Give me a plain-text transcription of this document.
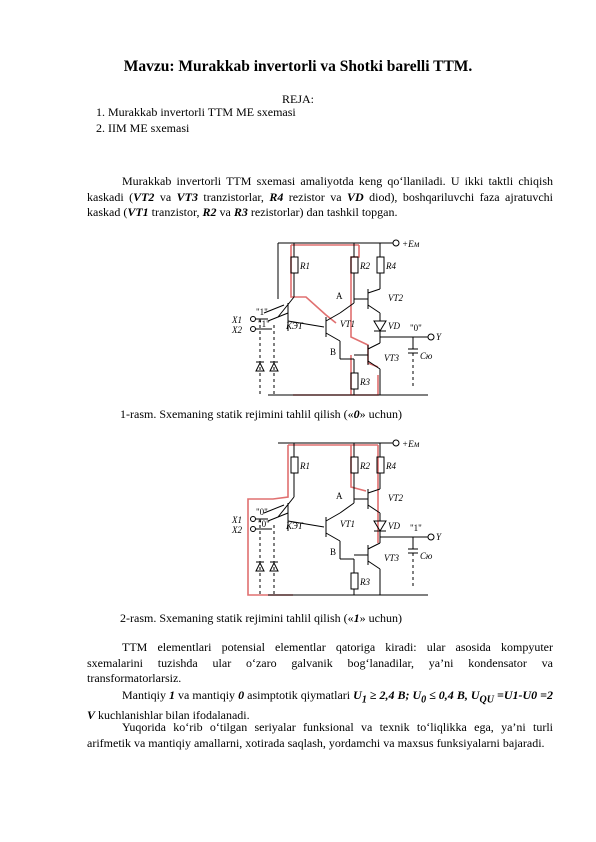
Mavzu: Murakkab invertorli va Shotki barelli TTM.
REJA:
1. Murakkab invertorli TTM ME sxemasi
2. IIM ME sxemasi

Murakkab invertorli TTM sxemasi amaliyotda keng qo‘llaniladi. U ikki taktli chiqish kaskadi (VT2 va VT3 tranzistorlar, R4 rezistor va VD diod), boshqariluvchi faza ajratuvchi kaskad (VT1 tranzistor, R2 va R3 rezistorlar) dan tashkil topgan.

+Eм
R1	R2 R4
A	VT2
VT1	VD "0"
Y
B
VT3 Cю
R3
X1
X2	КЭТ
"1"
"1"
1-rasm. Sxemaning statik rejimini tahlil qilish («0» uchun)
+Eм
R1	R2 R4
A	VT2
VT1	VD "1"
Y
B
VT3 Cю
R3
X1
X2	КЭТ
"0"
"0"
2-rasm. Sxemaning statik rejimini tahlil qilish («1» uchun)

TTM elementlari potensial elementlar qatoriga kiradi: ular asosida kompyuter sxemalarini tuzishda ular o‘zaro galvanik bog‘lanadilar, ya’ni kondensator va transformatorlarsiz.

Mantiqiy 1 va mantiqiy 0 asimptotik qiymatlari $U_1 \ge 2,4$ B; $U_0 \le 0,4$ B, $U_{QU} =U1-U0 =2$ V kuchlanishlar bilan ifodalanadi.

Yuqorida ko‘rib o‘tilgan seriyalar funksional va texnik to‘liqlikka ega, ya’ni turli arifmetik va mantiqiy amallarni, xotirada saqlash, yordamchi va maxsus funksiyalarni bajaradi.
